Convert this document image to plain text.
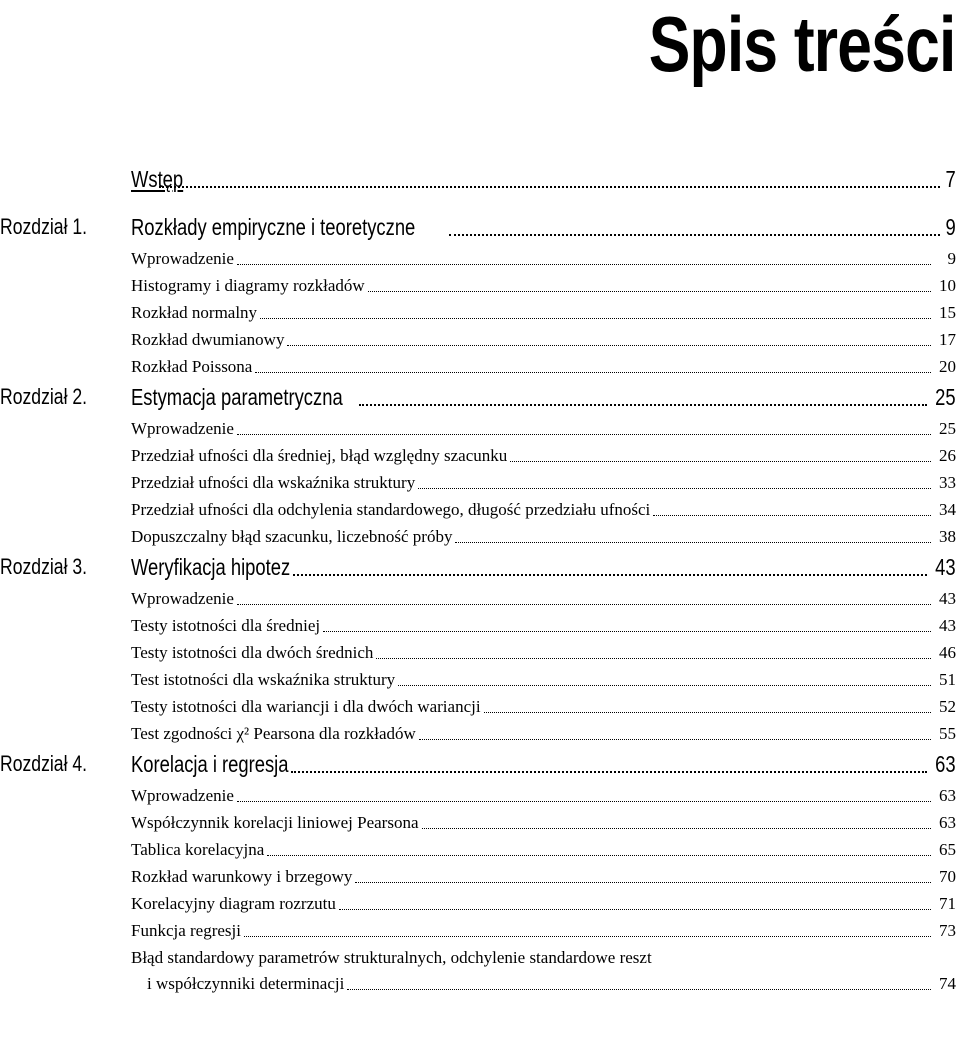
Spis treści
Wstęp	7
Rozdział 1. Rozkłady empiryczne i teoretyczne	9
Wprowadzenie	9
Histogramy i diagramy rozkładów	10
Rozkład normalny	15
Rozkład dwumianowy	17
Rozkład Poissona	20
Rozdział 2. Estymacja parametryczna	25
Wprowadzenie	25
Przedział ufności dla średniej, błąd względny szacunku	26
Przedział ufności dla wskaźnika struktury	33
Przedział ufności dla odchylenia standardowego, długość przedziału ufności	34
Dopuszczalny błąd szacunku, liczebność próby	38
Rozdział 3. Weryfikacja hipotez	43
Wprowadzenie	43
Testy istotności dla średniej	43
Testy istotności dla dwóch średnich	46
Test istotności dla wskaźnika struktury	51
Testy istotności dla wariancji i dla dwóch wariancji	52
Test zgodności χ² Pearsona dla rozkładów	55
Rozdział 4. Korelacja i regresja	63
Wprowadzenie	63
Współczynnik korelacji liniowej Pearsona	63
Tablica korelacyjna	65
Rozkład warunkowy i brzegowy	70
Korelacyjny diagram rozrzutu	71
Funkcja regresji	73
Błąd standardowy parametrów strukturalnych, odchylenie standardowe reszt
i współczynniki determinacji	74
